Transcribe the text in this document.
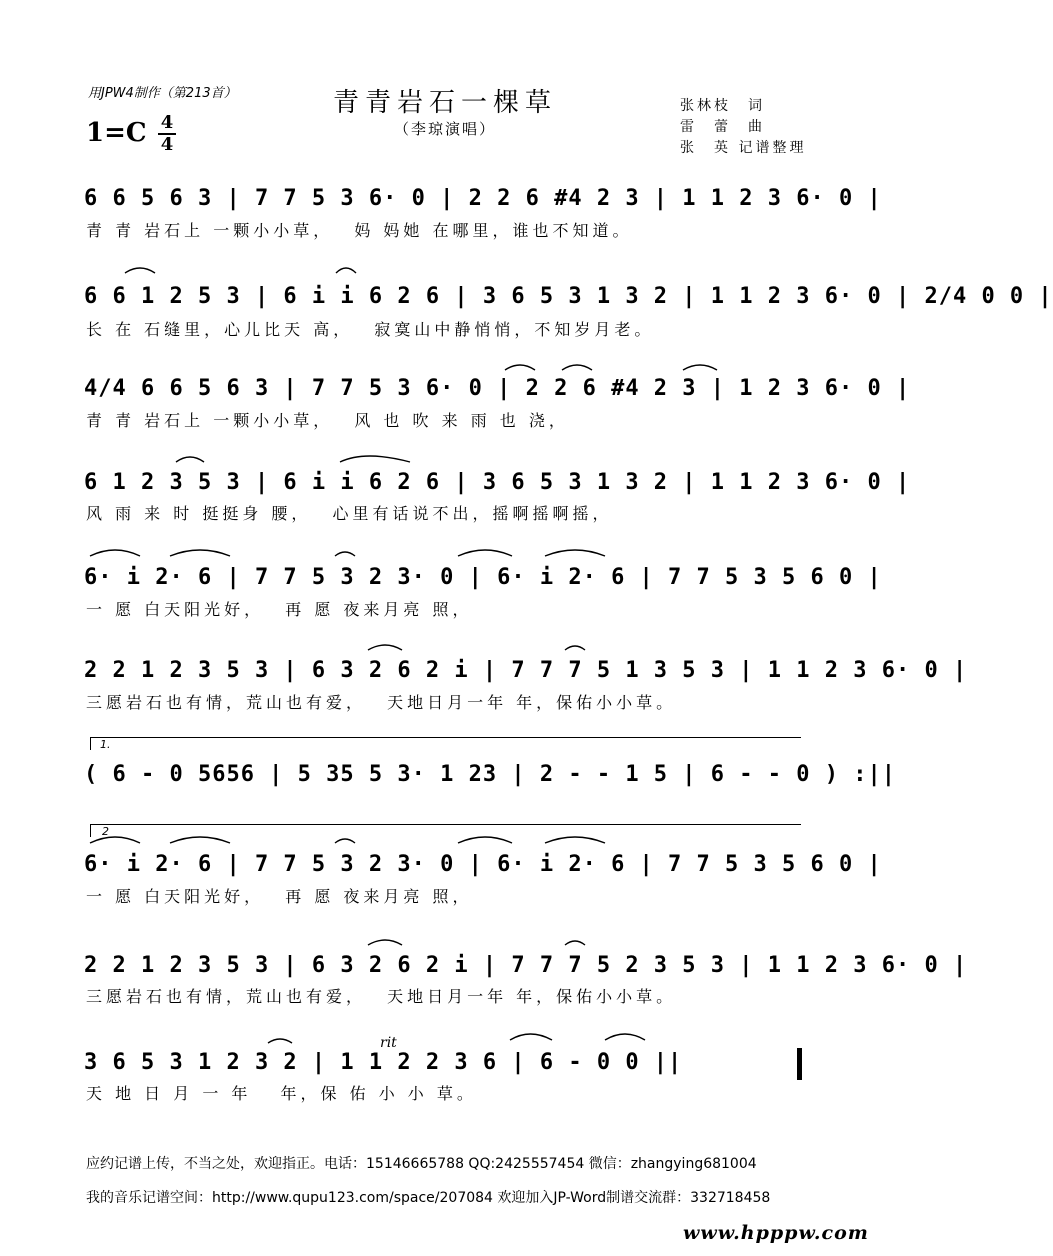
用JPW4制作（第213首）	青青岩石一棵草
（李琼演唱）
张林枝　词
雷　蕾　曲
张　英 记谱整理
1=C 4
4
6 6 5 6 3 | 7 7 5 3 6· 0 | 2 2 6 #4 2 3 | 1 1 2 3 6· 0 |
青 青 岩石上 一颗小小草，　 妈 妈她 在哪里，谁也不知道。
6 6 1 2 5 3 | 6 i i 6 2 6 | 3 6 5 3 1 3 2 | 1 1 2 3 6· 0 | 2/4 0 0 |
长 在 石缝里，心儿比天 高，　 寂寞山中静悄悄，不知岁月老。
4/4 6 6 5 6 3 | 7 7 5 3 6· 0 | 2 2 6 #4 2 3 | 1 2 3 6· 0 |
青 青 岩石上 一颗小小草，　 风 也 吹 来 雨 也 浇，
6 1 2 3 5 3 | 6 i i 6 2 6 | 3 6 5 3 1 3 2 | 1 1 2 3 6· 0 |
风 雨 来 时 挺挺身 腰，　 心里有话说不出，摇啊摇啊摇，
6· i 2· 6 | 7 7 5 3 2 3· 0 | 6· i 2· 6 | 7 7 5 3 5 6 0 |
一 愿 白天阳光好，　 再 愿 夜来月亮 照，
2 2 1 2 3 5 3 | 6 3 2 6 2 i | 7 7 7 5 1 3 5 3 | 1 1 2 3 6· 0 |
三愿岩石也有情，荒山也有爱，　 天地日月一年 年，保佑小小草。
1.
( 6 - 0 5656 | 5 35 5 3· 1 23 | 2 - - 1 5 | 6 - - 0 ) :||
2
6· i 2· 6 | 7 7 5 3 2 3· 0 | 6· i 2· 6 | 7 7 5 3 5 6 0 |
一 愿 白天阳光好，　 再 愿 夜来月亮 照，
2 2 1 2 3 5 3 | 6 3 2 6 2 i | 7 7 7 5 2 3 5 3 | 1 1 2 3 6· 0 |
三愿岩石也有情，荒山也有爱，　 天地日月一年 年，保佑小小草。
rit
3 6 5 3 1 2 3 2 | 1 1 2 2 3 6 | 6 - 0 0 ||
天 地 日 月 一 年　 年，保 佑 小 小 草。
应约记谱上传，不当之处，欢迎指正。电话：15146665788 QQ:2425557454 微信：zhangying681004
我的音乐记谱空间：http://www.qupu123.com/space/207084 欢迎加入JP-Word制谱交流群：332718458
www.hpppw.com
